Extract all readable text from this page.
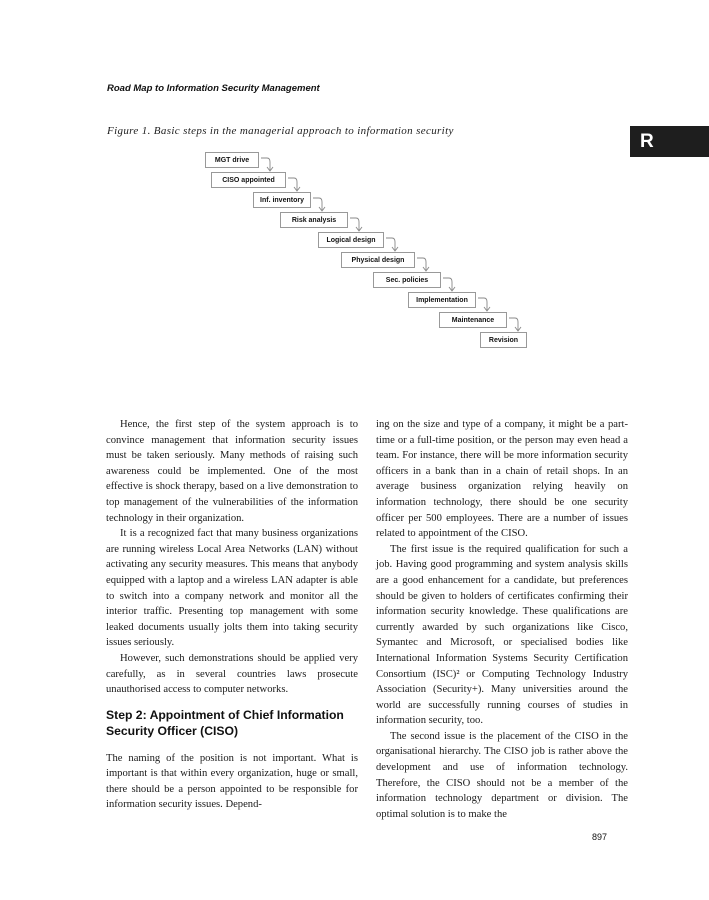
Road Map to Information Security Management
Figure 1. Basic steps in the managerial approach to information security	R
MGT drive
CISO appointed
Inf. inventory
Risk analysis
Logical design
Physical design
Sec. policies
Implementation
Maintenance
Revision

Hence, the first step of the system approach is to convince management that information security issues must be taken seriously. Many methods of raising such awareness could be implemented. One of the most effective is shock therapy, based on a live demonstration to top management of the vulnerabilities of the information technology in their organization.

It is a recognized fact that many business organizations are running wireless Local Area Networks (LAN) without activating any security measures. This means that anybody equipped with a laptop and a wireless LAN adapter is able to switch into a company network and monitor all the interior traffic. Presenting top management with some leaked documents usually jolts them into taking security issues seriously.

However, such demonstrations should be applied very carefully, as in several countries laws prosecute unauthorised access to computer networks.

Step 2: Appointment of Chief Information Security Officer (CISO)

The naming of the position is not important. What is important is that within every organization, huge or small, there should be a person appointed to be responsible for information security issues. Depend-

ing on the size and type of a company, it might be a part-time or a full-time position, or the person may even head a team. For instance, there will be more information security officers in a bank than in a chain of retail shops. In an average business organization relying heavily on information technology, there should be one security officer per 500 employees. There are a number of issues related to appointment of the CISO.

The first issue is the required qualification for such a job. Having good programming and system analysis skills are a good enhancement for a candidate, but preferences should be given to holders of certificates confirming their information security knowledge. These qualifications are currently awarded by such organizations like Cisco, Symantec and Microsoft, or specialised bodies like International Information Systems Security Certification Consortium (ISC)² or Computing Technology Industry Association (Security+). Many universities around the world are successfully running courses of studies in information security, too.

The second issue is the placement of the CISO in the organisational hierarchy. The CISO job is rather above the development and use of information technology. Therefore, the CISO should not be a member of the information technology department or division. The optimal solution is to make the

897
